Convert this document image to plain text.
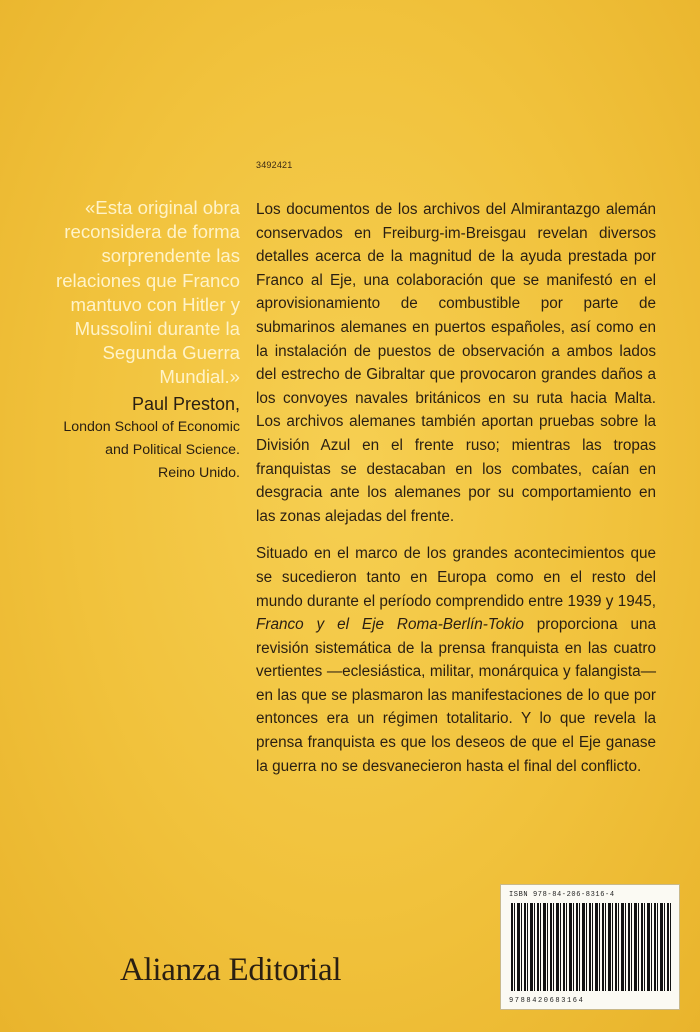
3492421

«Esta original obra reconsidera de forma sorprendente las relaciones que Franco mantuvo con Hitler y Mussolini durante la Segunda Guerra Mundial.»

Paul Preston,
London School of Economic
and Political Science.
Reino Unido.

Los documentos de los archivos del Almirantazgo alemán conservados en Freiburg-im-Breisgau revelan diversos detalles acerca de la magnitud de la ayuda prestada por Franco al Eje, una colaboración que se manifestó en el aprovisionamiento de combustible por parte de submarinos alemanes en puertos españoles, así como en la instalación de puestos de observación a ambos lados del estrecho de Gibraltar que provocaron grandes daños a los convoyes navales británicos en su ruta hacia Malta. Los archivos alemanes también aportan pruebas sobre la División Azul en el frente ruso; mientras las tropas franquistas se destacaban en los combates, caían en desgracia ante los alemanes por su comportamiento en las zonas alejadas del frente.

Situado en el marco de los grandes acontecimientos que se sucedieron tanto en Europa como en el resto del mundo durante el período comprendido entre 1939 y 1945, Franco y el Eje Roma-Berlín-Tokio proporciona una revisión sistemática de la prensa franquista en las cuatro vertientes —eclesiástica, militar, monárquica y falangista— en las que se plasmaron las manifestaciones de lo que por entonces era un régimen totalitario. Y lo que revela la prensa franquista es que los deseos de que el Eje ganase la guerra no se desvanecieron hasta el final del conflicto.

ISBN 978-84-206-8316-4
9788420683164
Alianza Editorial
